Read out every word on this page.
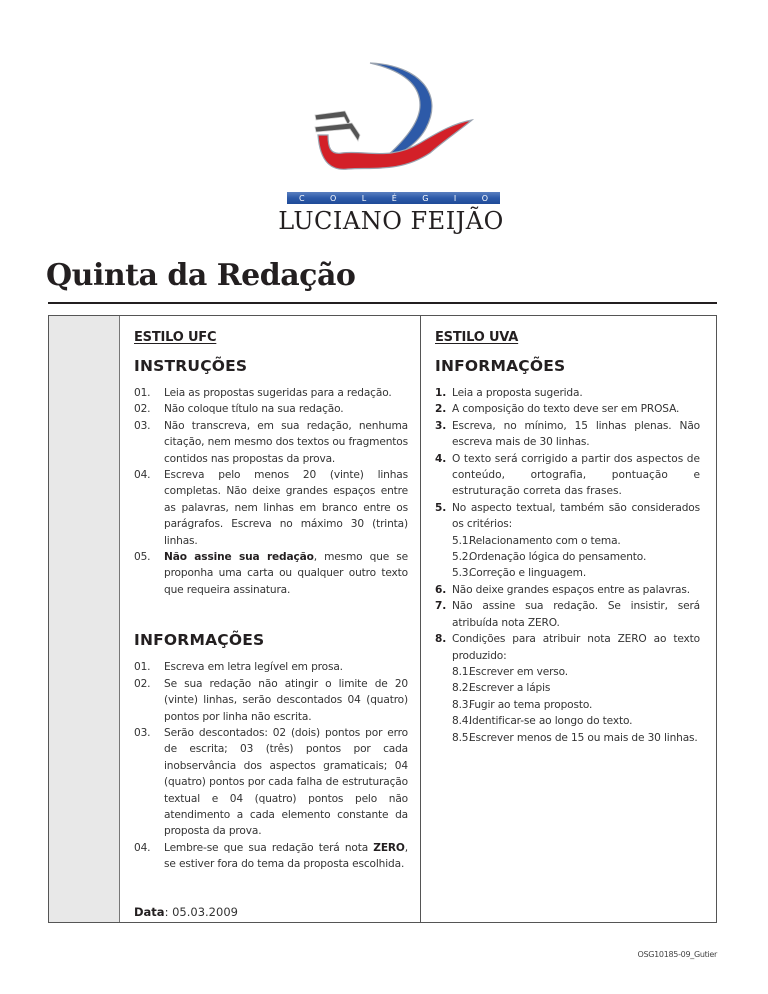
C	O	L	É	G	I	O
LUCIANO FEIJÃO
Quinta da Redação
ESTILO UFC
INSTRUÇÕES
01. Leia as propostas sugeridas para a redação.
02. Não coloque título na sua redação.
03. Não transcreva, em sua redação, nenhuma citação, nem mesmo dos textos ou fragmentos contidos nas propostas da prova.
04. Escreva pelo menos 20 (vinte) linhas completas. Não deixe grandes espaços entre as palavras, nem linhas em branco entre os parágrafos. Escreva no máximo 30 (trinta) linhas.
05. Não assine sua redação, mesmo que se proponha uma carta ou qualquer outro texto que requeira assinatura.
INFORMAÇÕES
01. Escreva em letra legível em prosa.
02. Se sua redação não atingir o limite de 20 (vinte) linhas, serão descontados 04 (quatro) pontos por linha não escrita.
03. Serão descontados: 02 (dois) pontos por erro de escrita; 03 (três) pontos por cada inobservância dos aspectos gramaticais; 04 (quatro) pontos por cada falha de estruturação textual e 04 (quatro) pontos pelo não atendimento a cada elemento constante da proposta da prova.
04. Lembre-se que sua redação terá nota ZERO, se estiver fora do tema da proposta escolhida.
Data: 05.03.2009
ESTILO UVA
INFORMAÇÕES
1. Leia a proposta sugerida.
2. A composição do texto deve ser em PROSA.
3. Escreva, no mínimo, 15 linhas plenas. Não escreva mais de 30 linhas.
4. O texto será corrigido a partir dos aspectos de conteúdo, ortografia, pontuação e estruturação correta das frases.
5. No aspecto textual, também são considerados os critérios:
5.1.
Relacionamento com o tema.
5.2.
Ordenação lógica do pensamento.
5.3.
Correção e linguagem.
6. Não deixe grandes espaços entre as palavras.
7. Não assine sua redação. Se insistir, será atribuída nota ZERO.
8. Condições para atribuir nota ZERO ao texto produzido:
8.1.
Escrever em verso.
8.2.
Escrever a lápis
8.3.
Fugir ao tema proposto.
8.4.
Identificar-se ao longo do texto.
8.5.
Escrever menos de 15 ou mais de 30 linhas.
OSG10185-09_Gutier
